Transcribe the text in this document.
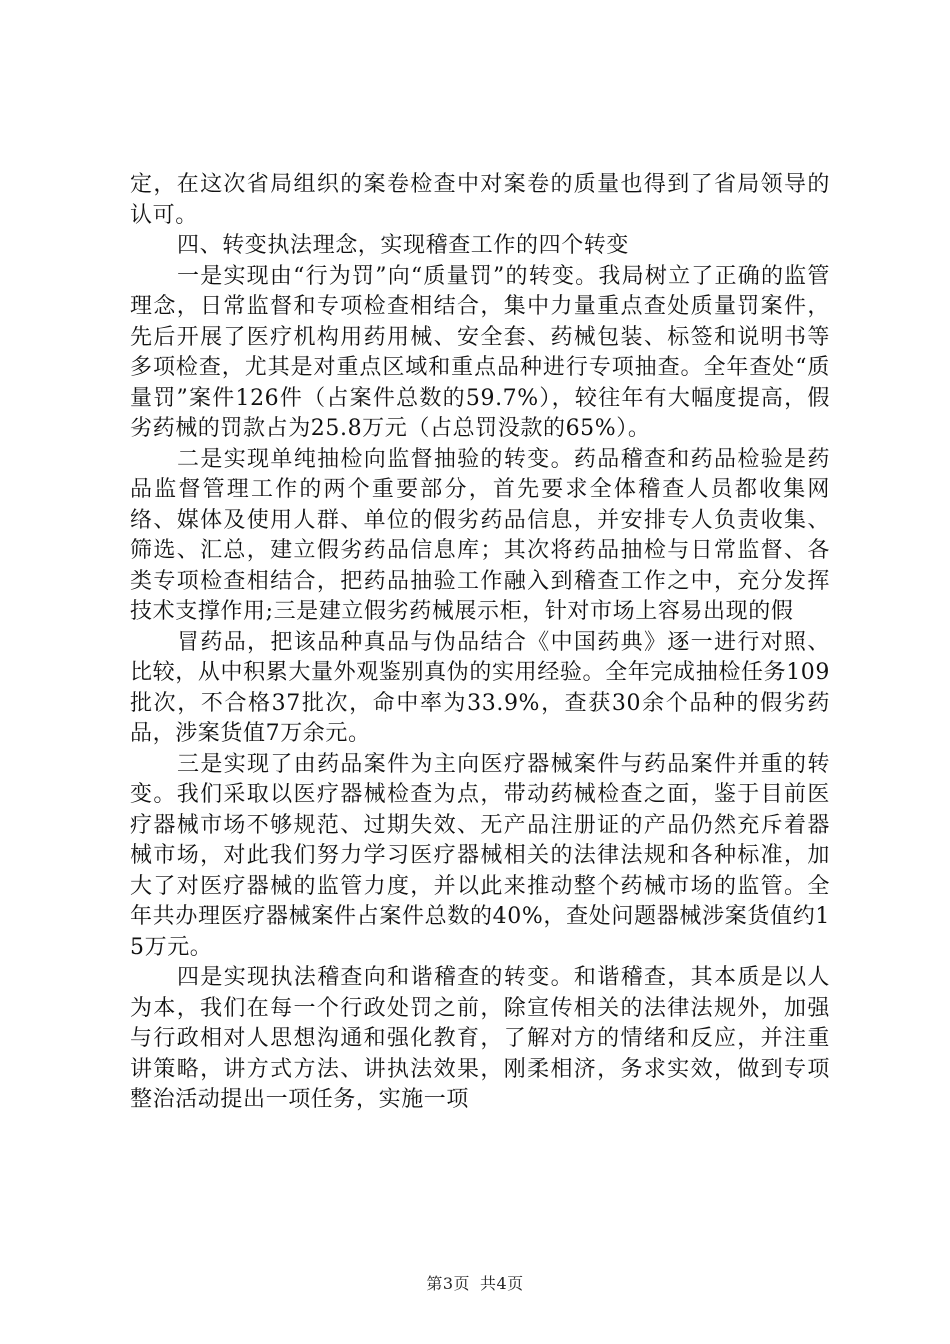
定，在这次省局组织的案卷检查中对案卷的质量也得到了省局领导的认可。

四、转变执法理念，实现稽查工作的四个转变

一是实现由“行为罚”向“质量罚”的转变。我局树立了正确的监管理念，日常监督和专项检查相结合，集中力量重点查处质量罚案件，先后开展了医疗机构用药用械、安全套、药械包装、标签和说明书等多项检查，尤其是对重点区域和重点品种进行专项抽查。全年查处“质量罚”案件126件（占案件总数的59.7%），较往年有大幅度提高，假劣药械的罚款占为25.8万元（占总罚没款的65%）。

二是实现单纯抽检向监督抽验的转变。药品稽查和药品检验是药品监督管理工作的两个重要部分，首先要求全体稽查人员都收集网络、媒体及使用人群、单位的假劣药品信息，并安排专人负责收集、筛选、汇总，建立假劣药品信息库；其次将药品抽检与日常监督、各类专项检查相结合，把药品抽验工作融入到稽查工作之中，充分发挥技术支撑作用;三是建立假劣药械展示柜，针对市场上容易出现的假

冒药品，把该品种真品与伪品结合《中国药典》逐一进行对照、比较，从中积累大量外观鉴别真伪的实用经验。全年完成抽检任务109批次，不合格37批次，命中率为33.9%，查获30余个品种的假劣药品，涉案货值7万余元。

三是实现了由药品案件为主向医疗器械案件与药品案件并重的转变。我们采取以医疗器械检查为点，带动药械检查之面，鉴于目前医疗器械市场不够规范、过期失效、无产品注册证的产品仍然充斥着器械市场，对此我们努力学习医疗器械相关的法律法规和各种标准，加大了对医疗器械的监管力度，并以此来推动整个药械市场的监管。全年共办理医疗器械案件占案件总数的40%，查处问题器械涉案货值约15万元。

四是实现执法稽查向和谐稽查的转变。和谐稽查，其本质是以人为本，我们在每一个行政处罚之前，除宣传相关的法律法规外，加强与行政相对人思想沟通和强化教育，了解对方的情绪和反应，并注重讲策略，讲方式方法、讲执法效果，刚柔相济，务求实效，做到专项整治活动提出一项任务，实施一项

第3页 共4页
